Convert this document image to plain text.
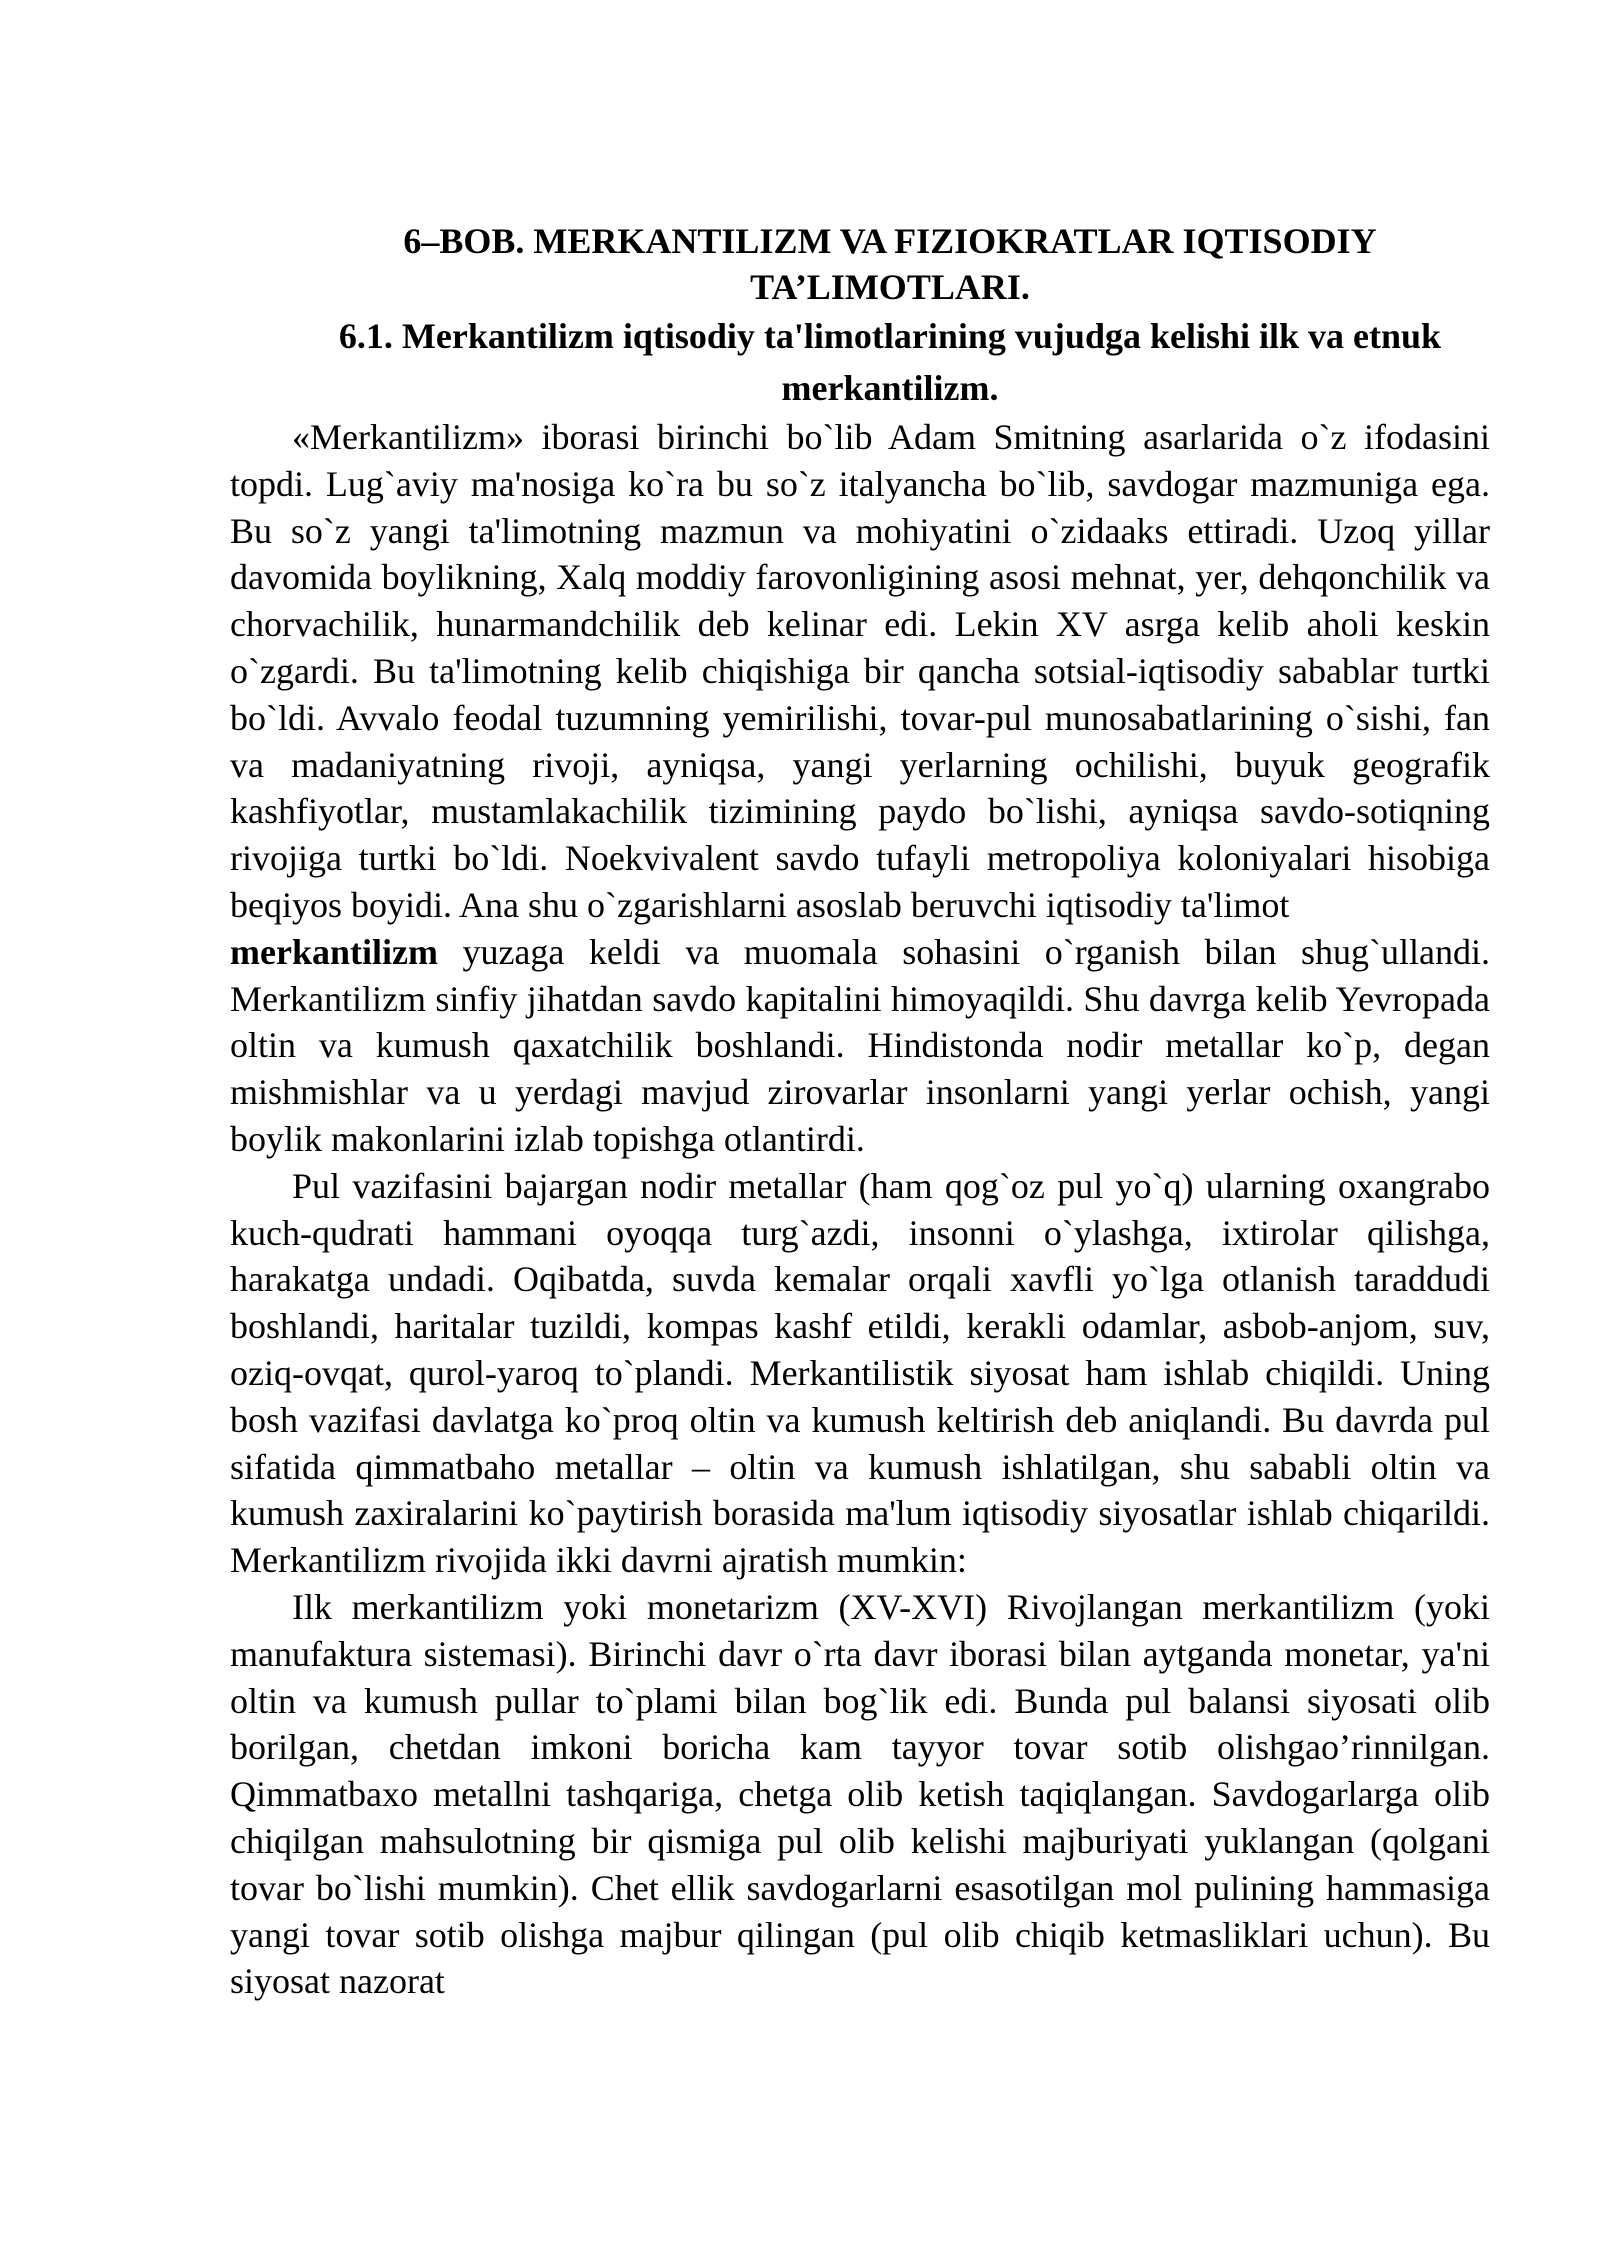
6–BOB. MERKANTILIZM VA FIZIOKRATLAR IQTISODIY TA’LIMOTLARI.
6.1. Merkantilizm iqtisodiy ta'limotlarining vujudga kelishi ilk va etnuk merkantilizm.

«Merkantilizm» iborasi birinchi bo`lib Adam Smitning asarlarida o`z ifodasini topdi. Lug`aviy ma'nosiga ko`ra bu so`z italyancha bo`lib, savdogar mazmuniga ega. Bu so`z yangi ta'limotning mazmun va mohiyatini o`zidaaks ettiradi. Uzoq yillar davomida boylikning, Xalq moddiy farovonligining asosi mehnat, yer, dehqonchilik va chorvachilik, hunarmandchilik deb kelinar edi. Lekin XV asrga kelib aholi keskin o`zgardi. Bu ta'limotning kelib chiqishiga bir qancha sotsial-iqtisodiy sabablar turtki bo`ldi. Avvalo feodal tuzumning yemirilishi, tovar-pul munosabatlarining o`sishi, fan va madaniyatning rivoji, ayniqsa, yangi yerlarning ochilishi, buyuk geografik kashfiyotlar, mustamlakachilik tizimining paydo bo`lishi, ayniqsa savdo-sotiqning rivojiga turtki bo`ldi. Noekvivalent savdo tufayli metropoliya koloniyalari hisobiga beqiyos boyidi. Ana shu o`zgarishlarni asoslab beruvchi iqtisodiy ta'limot
merkantilizm yuzaga keldi va muomala sohasini o`rganish bilan shug`ullandi. Merkantilizm sinfiy jihatdan savdo kapitalini himoyaqildi. Shu davrga kelib Yevropada oltin va kumush qaxatchilik boshlandi. Hindistonda nodir metallar ko`p, degan mishmishlar va u yerdagi mavjud zirovarlar insonlarni yangi yerlar ochish, yangi boylik makonlarini izlab topishga otlantirdi.

Pul vazifasini bajargan nodir metallar (ham qog`oz pul yo`q) ularning oxangrabo kuch-qudrati hammani oyoqqa turg`azdi, insonni o`ylashga, ixtirolar qilishga, harakatga undadi. Oqibatda, suvda kemalar orqali xavfli yo`lga otlanish taraddudi boshlandi, haritalar tuzildi, kompas kashf etildi, kerakli odamlar, asbob-anjom, suv, oziq-ovqat, qurol-yaroq to`plandi. Merkantilistik siyosat ham ishlab chiqildi. Uning bosh vazifasi davlatga ko`proq oltin va kumush keltirish deb aniqlandi. Bu davrda pul sifatida qimmatbaho metallar – oltin va kumush ishlatilgan, shu sababli oltin va kumush zaxiralarini ko`paytirish borasida ma'lum iqtisodiy siyosatlar ishlab chiqarildi. Merkantilizm rivojida ikki davrni ajratish mumkin:

Ilk merkantilizm yoki monetarizm (XV-XVI) Rivojlangan merkantilizm (yoki manufaktura sistemasi). Birinchi davr o`rta davr iborasi bilan aytganda monetar, ya'ni oltin va kumush pullar to`plami bilan bog`lik edi. Bunda pul balansi siyosati olib borilgan, chetdan imkoni boricha kam tayyor tovar sotib olishgao’rinnilgan. Qimmatbaxo metallni tashqariga, chetga olib ketish taqiqlangan. Savdogarlarga olib chiqilgan mahsulotning bir qismiga pul olib kelishi majburiyati yuklangan (qolgani tovar bo`lishi mumkin). Chet ellik savdogarlarni esasotilgan mol pulining hammasiga yangi tovar sotib olishga majbur qilingan (pul olib chiqib ketmasliklari uchun). Bu siyosat nazorat
